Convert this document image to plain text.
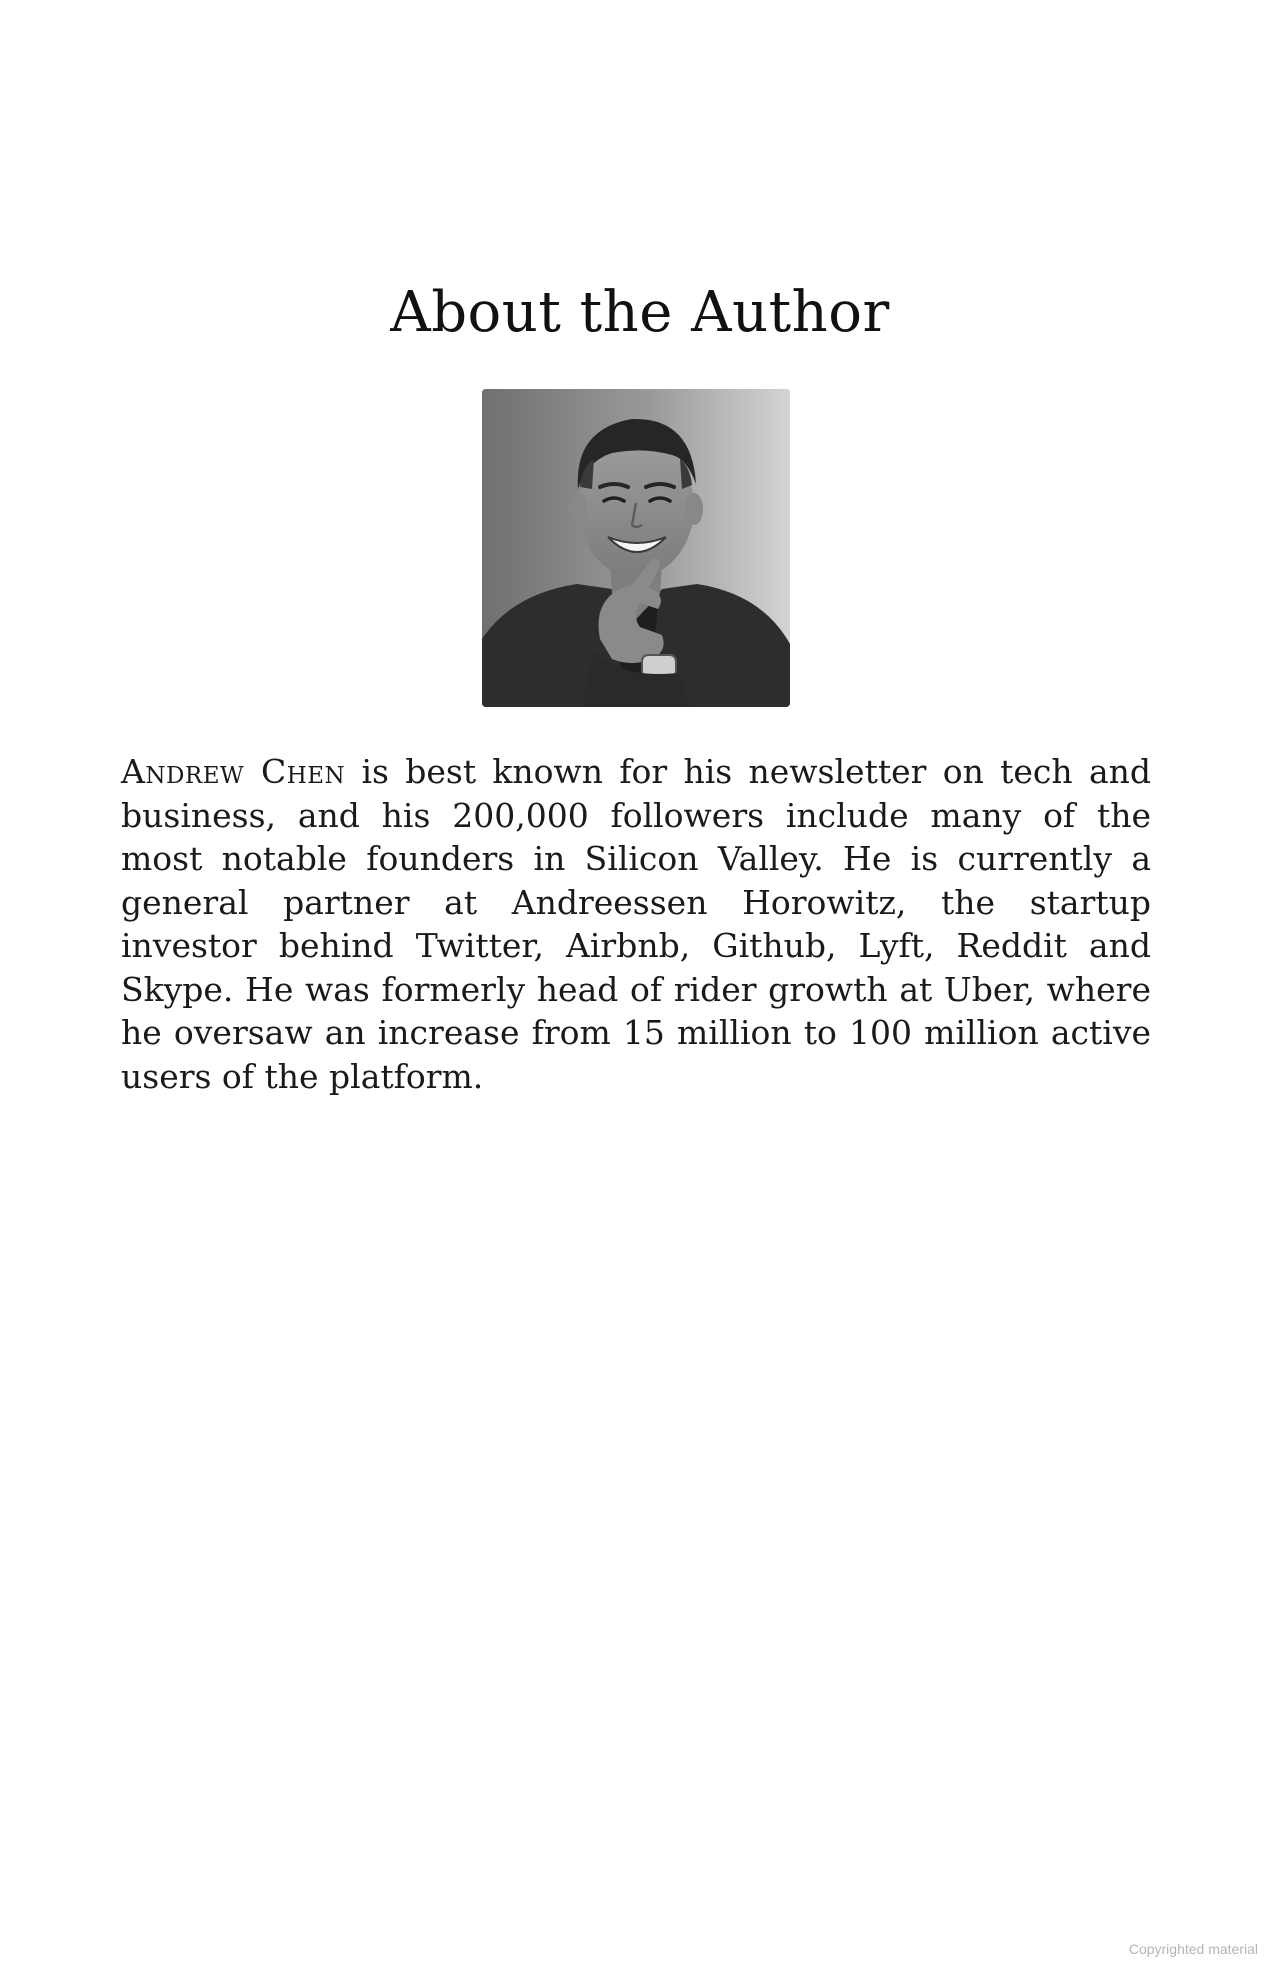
About the Author

Andrew Chen is best known for his newsletter on tech and business, and his 200,000 followers include many of the most notable founders in Silicon Valley. He is currently a general partner at Andreessen Horowitz, the startup investor behind Twitter, Airbnb, Github, Lyft, Reddit and Skype. He was formerly head of rider growth at Uber, where he oversaw an increase from 15 million to 100 million active users of the platform.

Copyrighted material
